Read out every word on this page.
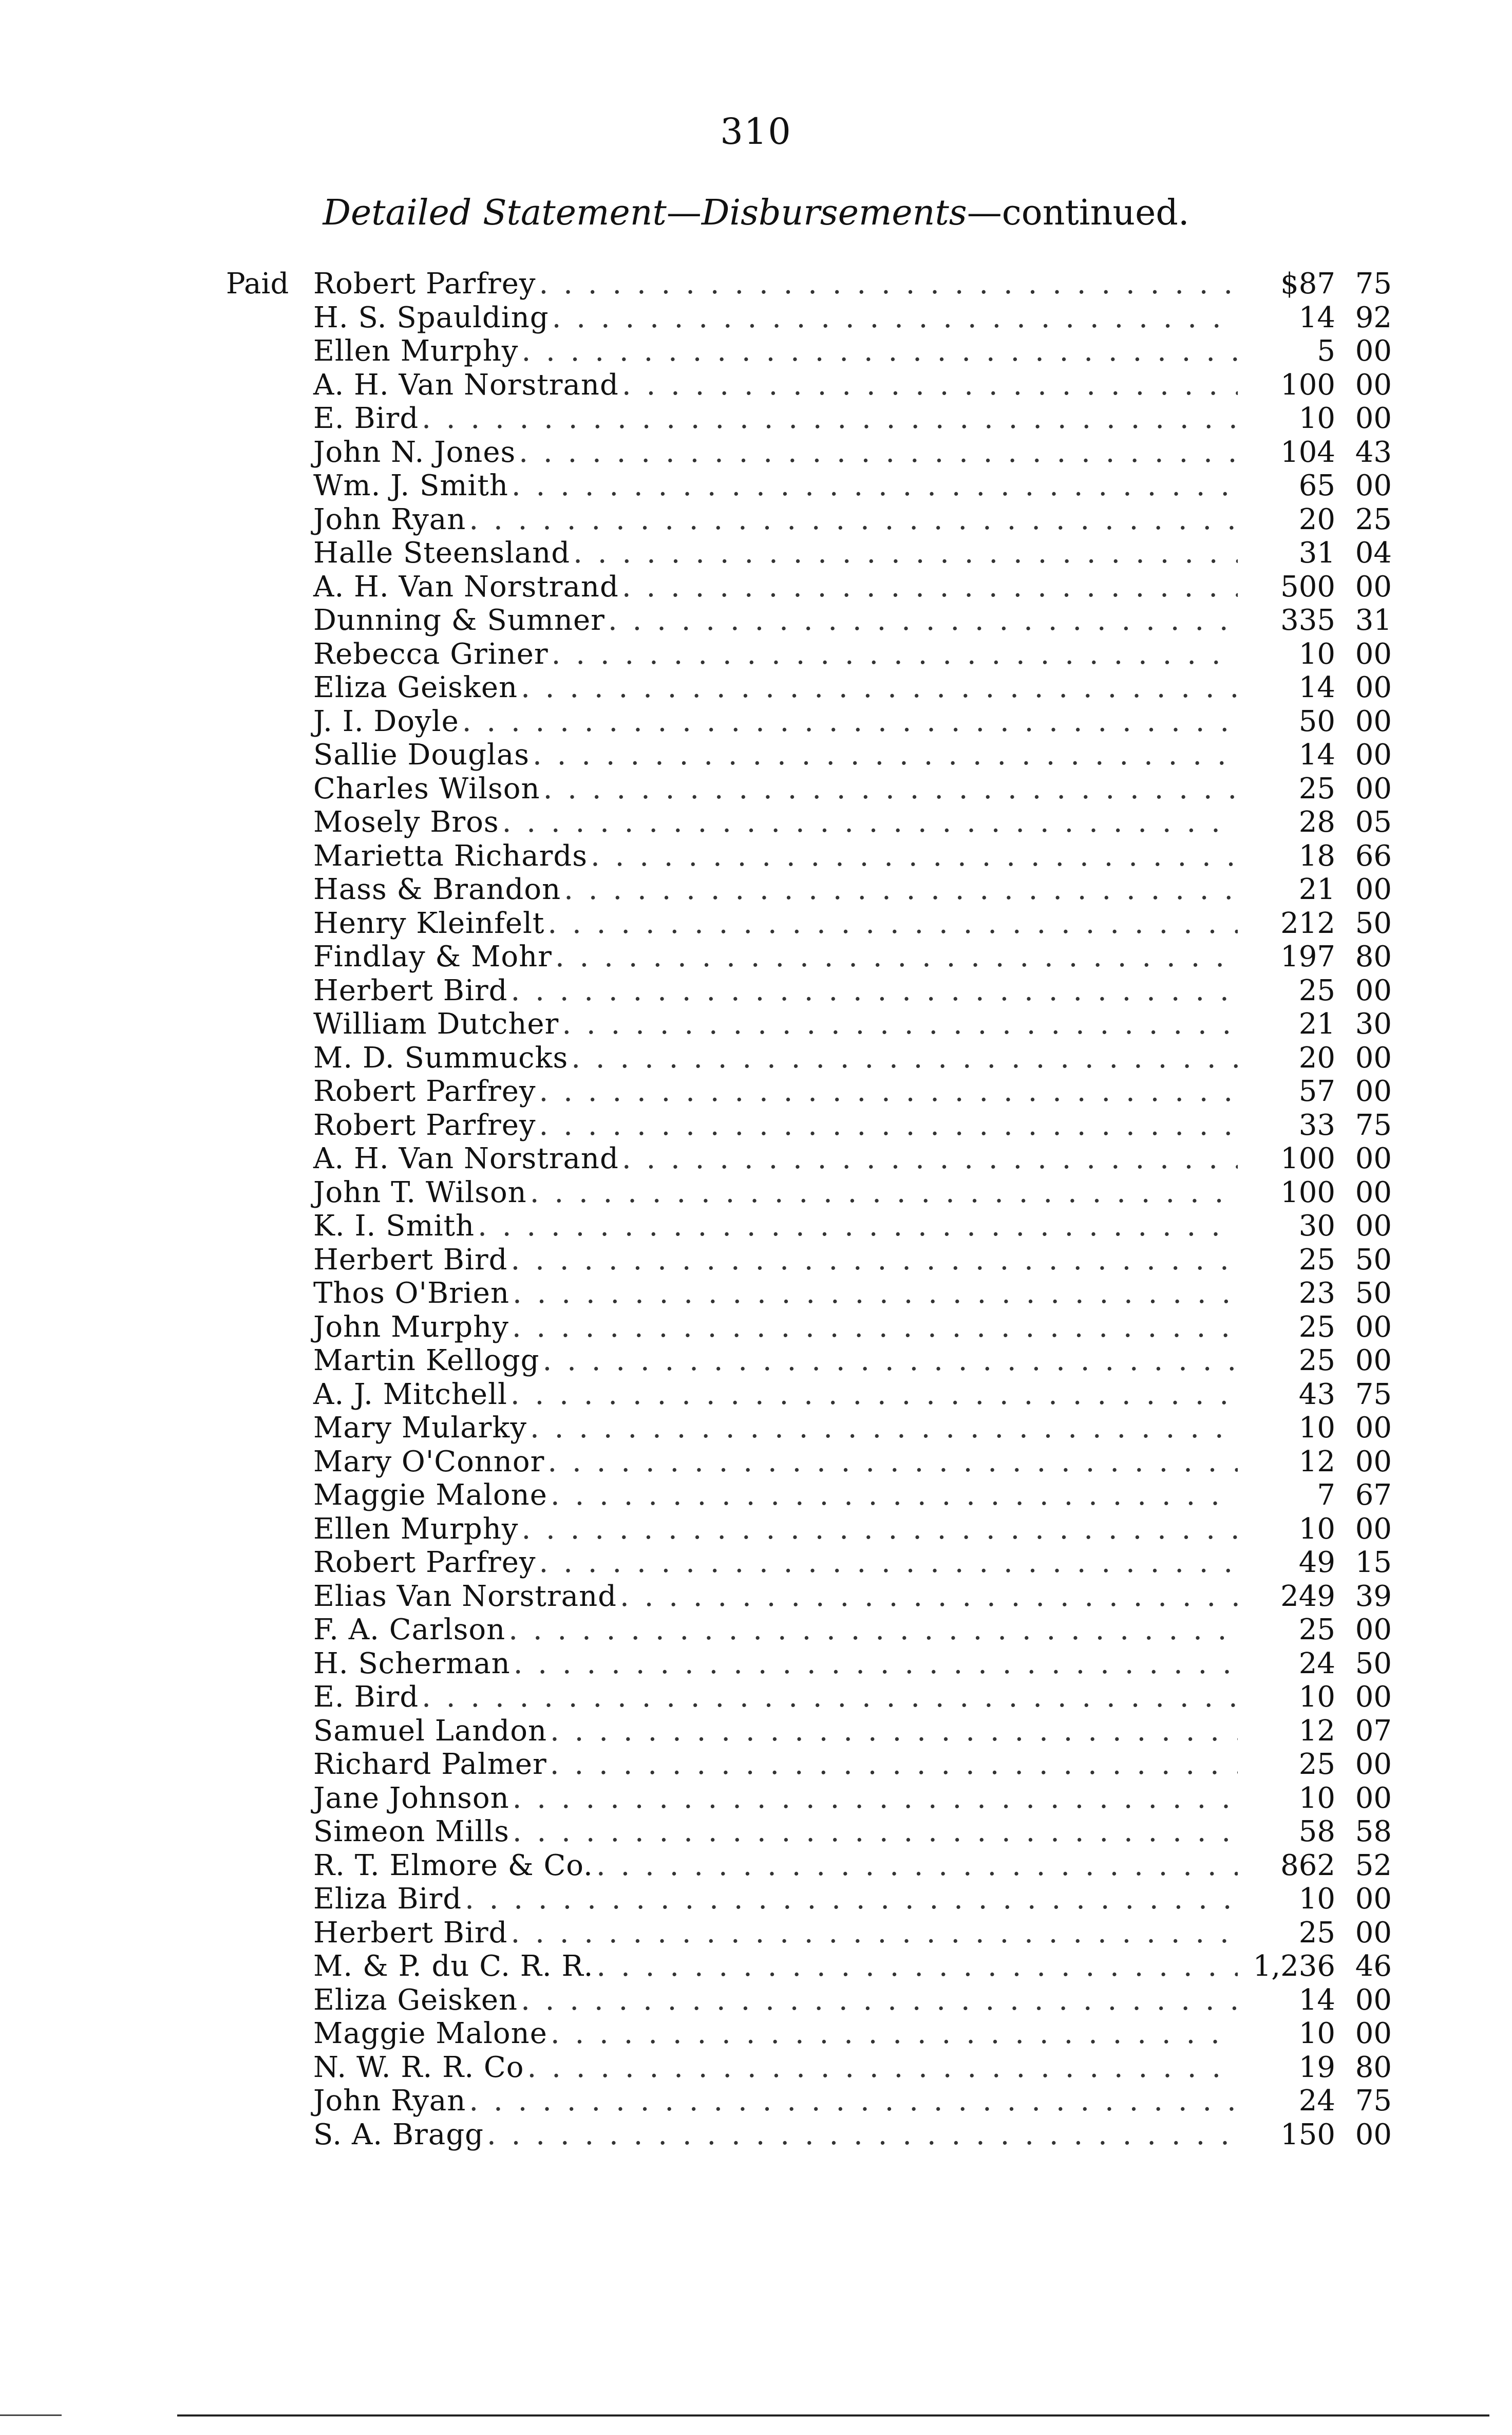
310
Detailed Statement—Disbursements—continued.
Paid Robert Parfrey . . .	$87 75
H. S. Spaulding . . .	14 92
Ellen Murphy . . .	5 00
A. H. Van Norstrand . . .	100 00
E. Bird . . .	10 00
John N. Jones . . .	104 43
Wm. J. Smith . . .	65 00
John Ryan . . .	20 25
Halle Steensland . . .	31 04
A. H. Van Norstrand . . .	500 00
Dunning & Sumner . . .	335 31
Rebecca Griner . . .	10 00
Eliza Geisken . . .	14 00
J. I. Doyle . . .	50 00
Sallie Douglas . . .	14 00
Charles Wilson . . .	25 00
Mosely Bros . . .	28 05
Marietta Richards . . .	18 66
Hass & Brandon . . .	21 00
Henry Kleinfelt . . .	212 50
Findlay & Mohr . . .	197 80
Herbert Bird . . .	25 00
William Dutcher . . .	21 30
M. D. Summucks . . .	20 00
Robert Parfrey . . .	57 00
Robert Parfrey . . .	33 75
A. H. Van Norstrand . . .	100 00
John T. Wilson . . .	100 00
K. I. Smith . . .	30 00
Herbert Bird . . .	25 50
Thos O'Brien . . .	23 50
John Murphy . . .	25 00
Martin Kellogg . . .	25 00
A. J. Mitchell . . .	43 75
Mary Mularky . . .	10 00
Mary O'Connor . . .	12 00
Maggie Malone . . .	7 67
Ellen Murphy . . .	10 00
Robert Parfrey . . .	49 15
Elias Van Norstrand . . .	249 39
F. A. Carlson . . .	25 00
H. Scherman . . .	24 50
E. Bird . . .	10 00
Samuel Landon . . .	12 07
Richard Palmer . . .	25 00
Jane Johnson . . .	10 00
Simeon Mills . . .	58 58
R. T. Elmore & Co. . . .	862 52
Eliza Bird . . .	10 00
Herbert Bird . . .	25 00
M. & P. du C. R. R. . . .	1,236 46
Eliza Geisken . . .	14 00
Maggie Malone . . .	10 00
N. W. R. R. Co . . .	19 80
John Ryan . . .	24 75
S. A. Bragg . . .	150 00
